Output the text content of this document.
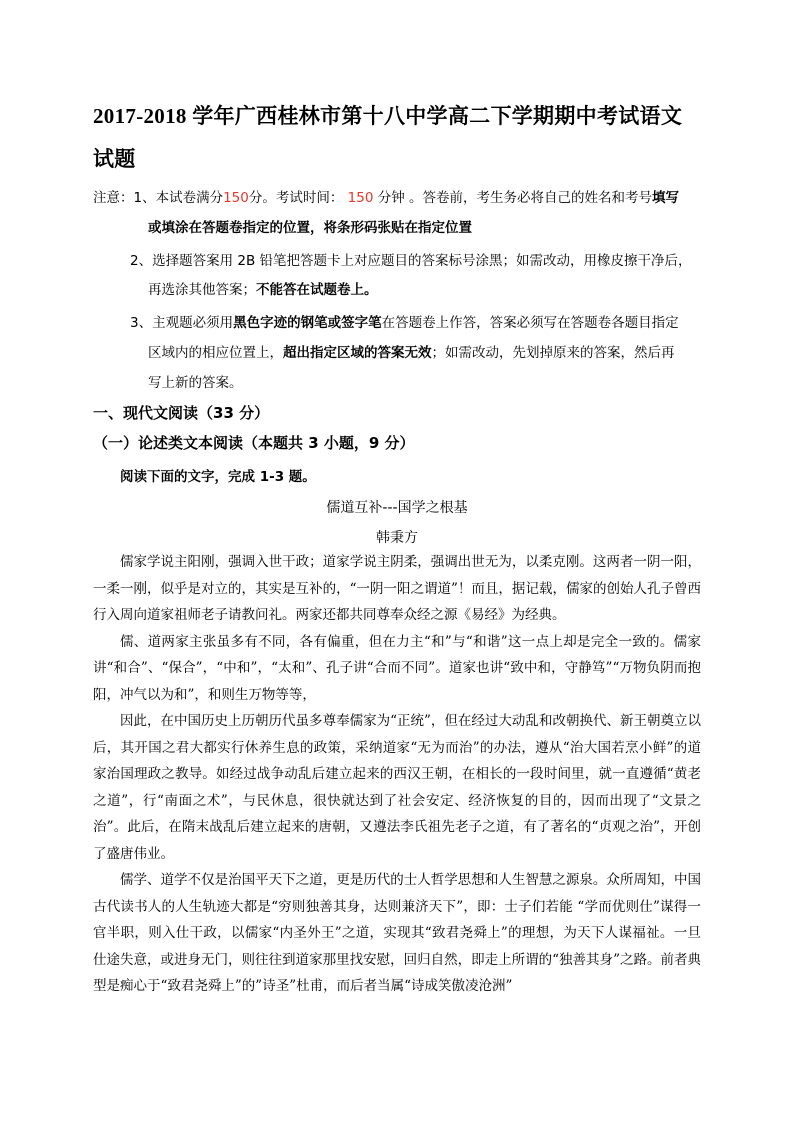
2017-2018 学年广西桂林市第十八中学高二下学期期中考试语文
试题
注意：1、本试卷满分150分。考试时间： 150 分钟 。答卷前，考生务必将自己的姓名和考号填写
或填涂在答题卷指定的位置，将条形码张贴在指定位置
2、选择题答案用 2B 铅笔把答题卡上对应题目的答案标号涂黑；如需改动，用橡皮擦干净后，
再选涂其他答案；不能答在试题卷上。
3、主观题必须用黑色字迹的钢笔或签字笔在答题卷上作答，答案必须写在答题卷各题目指定
区域内的相应位置上，超出指定区域的答案无效；如需改动，先划掉原来的答案，然后再
写上新的答案。
一、现代文阅读（33 分）
（一）论述类文本阅读（本题共 3 小题，9 分）
阅读下面的文字，完成 1-3 题。
儒道互补---国学之根基
韩秉方

儒家学说主阳刚，强调入世干政；道家学说主阴柔，强调出世无为，以柔克刚。这两者一阴一阳，一柔一刚，似乎是对立的，其实是互补的，“一阴一阳之谓道”！而且，据记载，儒家的创始人孔子曾西行入周向道家祖师老子请教问礼。两家还都共同尊奉众经之源《易经》为经典。

儒、道两家主张虽多有不同，各有偏重，但在力主“和”与“和谐”这一点上却是完全一致的。儒家讲“和合”、“保合”，“中和”，“太和”、孔子讲“合而不同”。道家也讲“致中和，守静笃”“万物负阴而抱阳，冲气以为和”，和则生万物等等，

因此，在中国历史上历朝历代虽多尊奉儒家为“正统”，但在经过大动乱和改朝换代、新王朝奠立以后，其开国之君大都实行休养生息的政策，采纳道家“无为而治”的办法，遵从“治大国若烹小鲜”的道家治国理政之教导。如经过战争动乱后建立起来的西汉王朝，在相长的一段时间里，就一直遵循“黄老之道”，行“南面之术”，与民休息，很快就达到了社会安定、经济恢复的目的，因而出现了“文景之治”。此后，在隋末战乱后建立起来的唐朝，又遵法李氏祖先老子之道，有了著名的“贞观之治”，开创了盛唐伟业。

儒学、道学不仅是治国平天下之道，更是历代的士人哲学思想和人生智慧之源泉。众所周知，中国古代读书人的人生轨迹大都是“穷则独善其身，达则兼济天下”，即：士子们若能 “学而优则仕”谋得一官半职，则入仕干政，以儒家“内圣外王”之道，实现其“致君尧舜上”的理想，为天下人谋福祉。一旦仕途失意，或进身无门，则往往到道家那里找安慰，回归自然，即走上所谓的“独善其身”之路。前者典型是痴心于“致君尧舜上”的”诗圣”杜甫，而后者当属“诗成笑傲凌沧洲”
